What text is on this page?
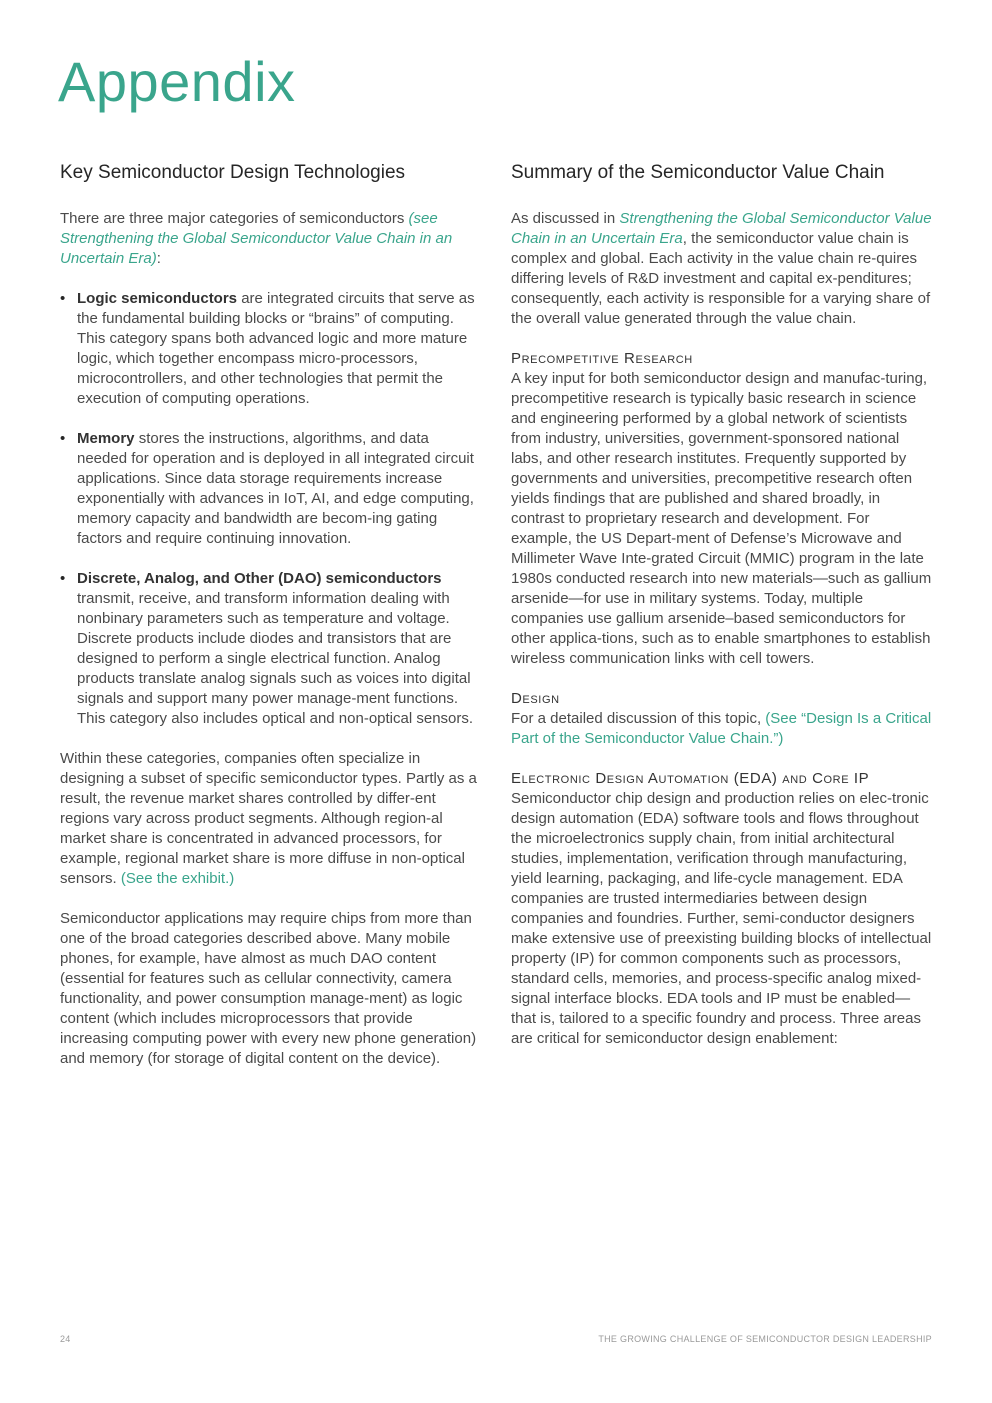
Appendix
Key Semiconductor Design Technologies

There are three major categories of semiconductors (see Strengthening the Global Semiconductor Value Chain in an Uncertain Era):

• Logic semiconductors are integrated circuits that serve as the fundamental building blocks or “brains” of computing. This category spans both advanced logic and more mature logic, which together encompass micro-processors, microcontrollers, and other technologies that permit the execution of computing operations.
• Memory stores the instructions, algorithms, and data needed for operation and is deployed in all integrated circuit applications. Since data storage requirements increase exponentially with advances in IoT, AI, and edge computing, memory capacity and bandwidth are becom-ing gating factors and require continuing innovation.
• Discrete, Analog, and Other (DAO) semiconductors transmit, receive, and transform information dealing with nonbinary parameters such as temperature and voltage. Discrete products include diodes and transistors that are designed to perform a single electrical function. Analog products translate analog signals such as voices into digital signals and support many power manage-ment functions. This category also includes optical and non-optical sensors.

Within these categories, companies often specialize in designing a subset of specific semiconductor types. Partly as a result, the revenue market shares controlled by differ-ent regions vary across product segments. Although region-al market share is concentrated in advanced processors, for example, regional market share is more diffuse in non-optical sensors. (See the exhibit.)

Semiconductor applications may require chips from more than one of the broad categories described above. Many mobile phones, for example, have almost as much DAO content (essential for features such as cellular connectivity, camera functionality, and power consumption manage-ment) as logic content (which includes microprocessors that provide increasing computing power with every new phone generation) and memory (for storage of digital content on the device).

Summary of the Semiconductor Value Chain

As discussed in Strengthening the Global Semiconductor Value Chain in an Uncertain Era, the semiconductor value chain is complex and global. Each activity in the value chain re-quires differing levels of R&D investment and capital ex-penditures; consequently, each activity is responsible for a varying share of the overall value generated through the value chain.

Precompetitive Research

A key input for both semiconductor design and manufac-turing, precompetitive research is typically basic research in science and engineering performed by a global network of scientists from industry, universities, government-sponsored national labs, and other research institutes. Frequently supported by governments and universities, precompetitive research often yields findings that are published and shared broadly, in contrast to proprietary research and development. For example, the US Depart-ment of Defense’s Microwave and Millimeter Wave Inte-grated Circuit (MMIC) program in the late 1980s conducted research into new materials—such as gallium arsenide—for use in military systems. Today, multiple companies use gallium arsenide–based semiconductors for other applica-tions, such as to enable smartphones to establish wireless communication links with cell towers.

Design

For a detailed discussion of this topic, (See “Design Is a Critical Part of the Semiconductor Value Chain.”)

Electronic Design Automation (EDA) and Core IP

Semiconductor chip design and production relies on elec-tronic design automation (EDA) software tools and flows throughout the microelectronics supply chain, from initial architectural studies, implementation, verification through manufacturing, yield learning, packaging, and life-cycle management. EDA companies are trusted intermediaries between design companies and foundries. Further, semi-conductor designers make extensive use of preexisting building blocks of intellectual property (IP) for common components such as processors, standard cells, memories, and process-specific analog mixed-signal interface blocks. EDA tools and IP must be enabled—that is, tailored to a specific foundry and process. Three areas are critical for semiconductor design enablement:

24	THE GROWING CHALLENGE OF SEMICONDUCTOR DESIGN LEADERSHIP
